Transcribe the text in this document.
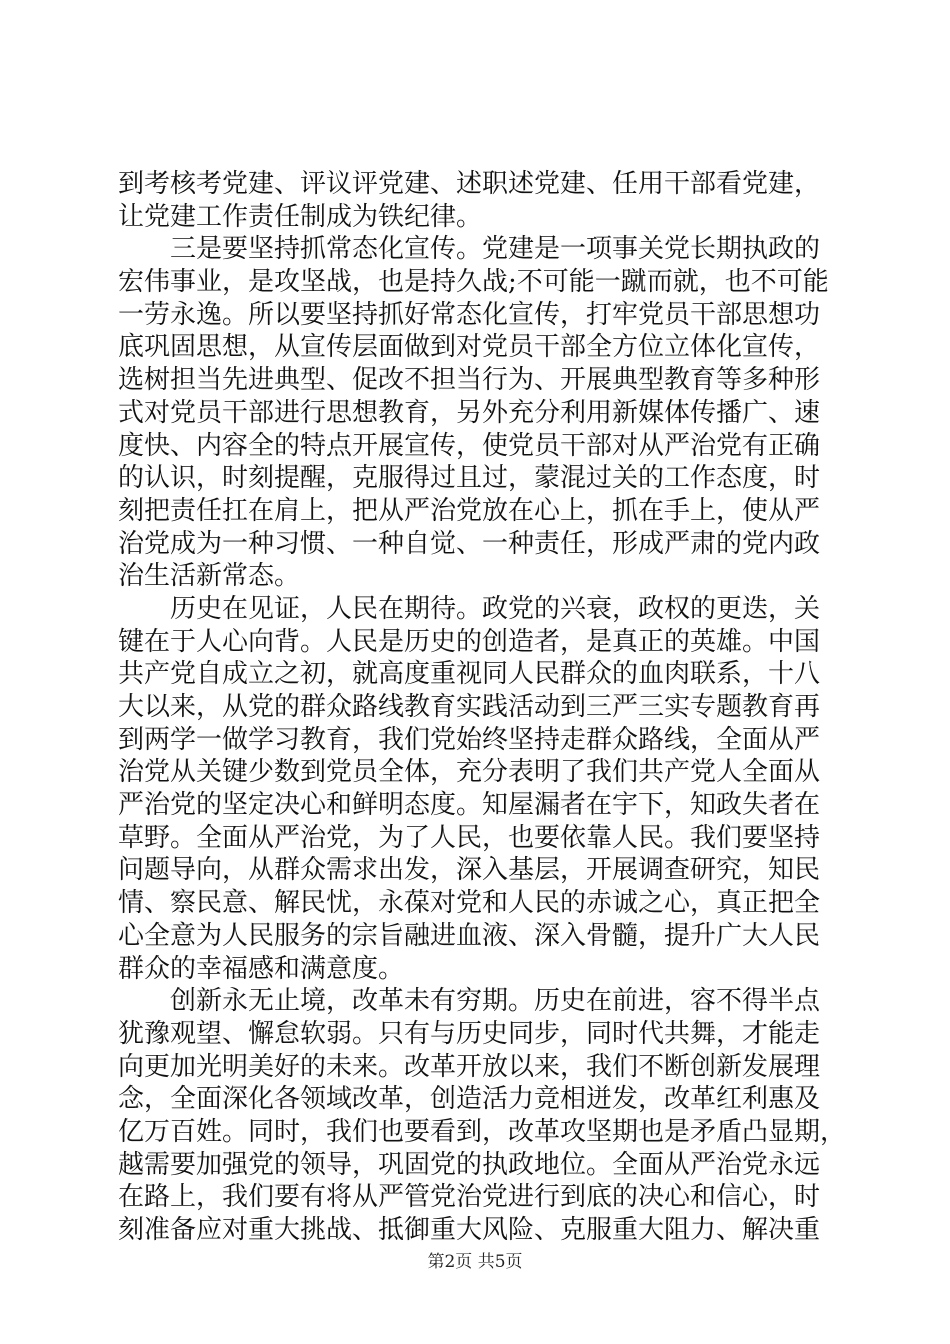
到考核考党建、评议评党建、述职述党建、任用干部看党建，
让党建工作责任制成为铁纪律。
三是要坚持抓常态化宣传。党建是一项事关党长期执政的
宏伟事业，是攻坚战，也是持久战;不可能一蹴而就，也不可能
一劳永逸。所以要坚持抓好常态化宣传，打牢党员干部思想功
底巩固思想，从宣传层面做到对党员干部全方位立体化宣传，
选树担当先进典型、促改不担当行为、开展典型教育等多种形
式对党员干部进行思想教育，另外充分利用新媒体传播广、速
度快、内容全的特点开展宣传，使党员干部对从严治党有正确
的认识，时刻提醒，克服得过且过，蒙混过关的工作态度，时
刻把责任扛在肩上，把从严治党放在心上，抓在手上，使从严
治党成为一种习惯、一种自觉、一种责任，形成严肃的党内政
治生活新常态。
历史在见证，人民在期待。政党的兴衰，政权的更迭，关
键在于人心向背。人民是历史的创造者，是真正的英雄。中国
共产党自成立之初，就高度重视同人民群众的血肉联系，十八
大以来，从党的群众路线教育实践活动到三严三实专题教育再
到两学一做学习教育，我们党始终坚持走群众路线，全面从严
治党从关键少数到党员全体，充分表明了我们共产党人全面从
严治党的坚定决心和鲜明态度。知屋漏者在宇下，知政失者在
草野。全面从严治党，为了人民，也要依靠人民。我们要坚持
问题导向，从群众需求出发，深入基层，开展调查研究，知民
情、察民意、解民忧，永葆对党和人民的赤诚之心，真正把全
心全意为人民服务的宗旨融进血液、深入骨髓，提升广大人民
群众的幸福感和满意度。
创新永无止境，改革未有穷期。历史在前进，容不得半点
犹豫观望、懈怠软弱。只有与历史同步，同时代共舞，才能走
向更加光明美好的未来。改革开放以来，我们不断创新发展理
念，全面深化各领域改革，创造活力竞相迸发，改革红利惠及
亿万百姓。同时，我们也要看到，改革攻坚期也是矛盾凸显期，
越需要加强党的领导，巩固党的执政地位。全面从严治党永远
在路上，我们要有将从严管党治党进行到底的决心和信心，时
刻准备应对重大挑战、抵御重大风险、克服重大阻力、解决重
第2页 共5页
